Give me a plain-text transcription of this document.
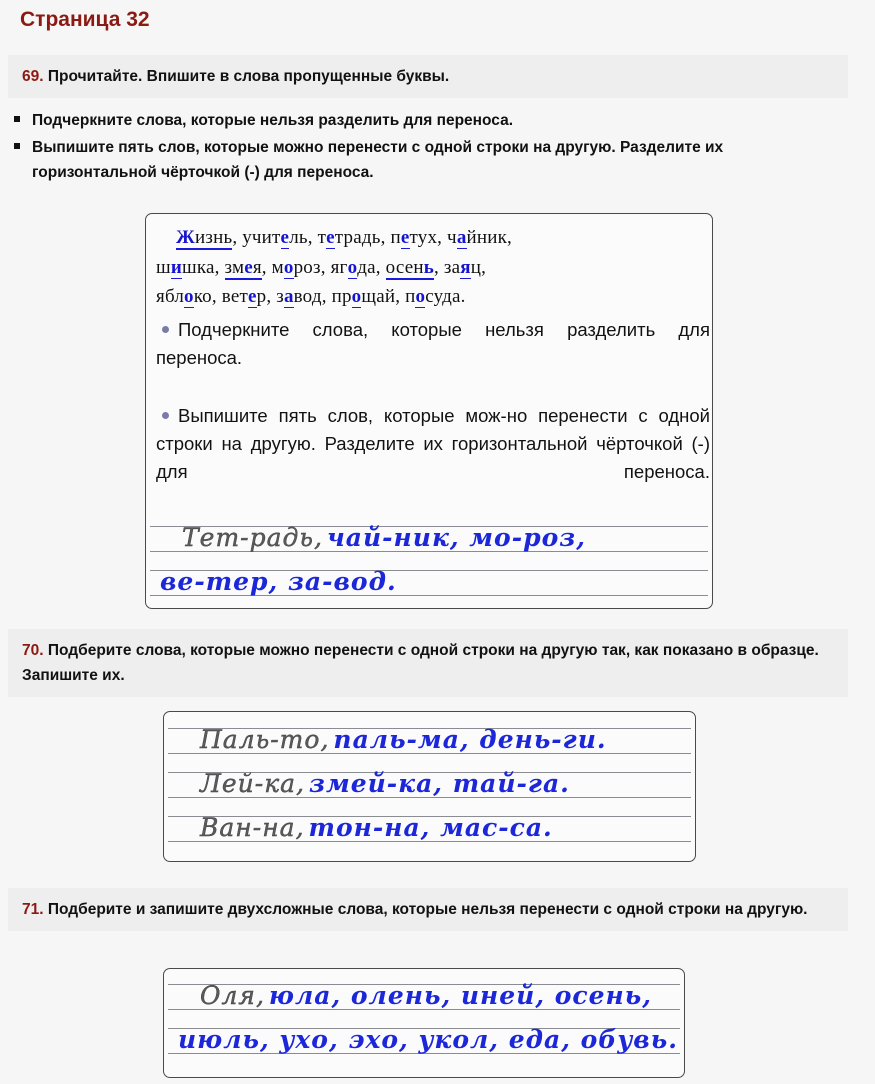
Страница 32
69. Прочитайте. Впишите в слова пропущенные буквы.
Подчеркните слова, которые нельзя разделить для переноса.
Выпишите пять слов, которые можно перенести с одной строки на другую. Разделите их горизонтальной чёрточкой (-) для переноса.
Жизнь, учитель, тетрадь, петух, чайник,
шишка, змея, мороз, ягода, осень, заяц,
яблоко, ветер, завод, прощай, посуда.

Подчеркните слова, которые нельзя разделить для переноса.

Выпишите пять слов, которые мож-но перенести с одной строки на другую. Разделите их горизонтальной чёрточкой (-) для переноса.

Тет-радь, чай-ник, мо-роз,
ве-тер, за-вод.
70. Подберите слова, которые можно перенести с одной строки на другую так, как показано в образце. Запишите их.
Паль-то, паль-ма, день-ги.
Лей-ка, змей-ка, тай-га.
Ван-на, тон-на, мас-са.
71. Подберите и запишите двухсложные слова, которые нельзя перенести с одной строки на другую.
Оля, юла, олень, иней, осень,
июль, ухо, эхо, укол, еда, обувь.
